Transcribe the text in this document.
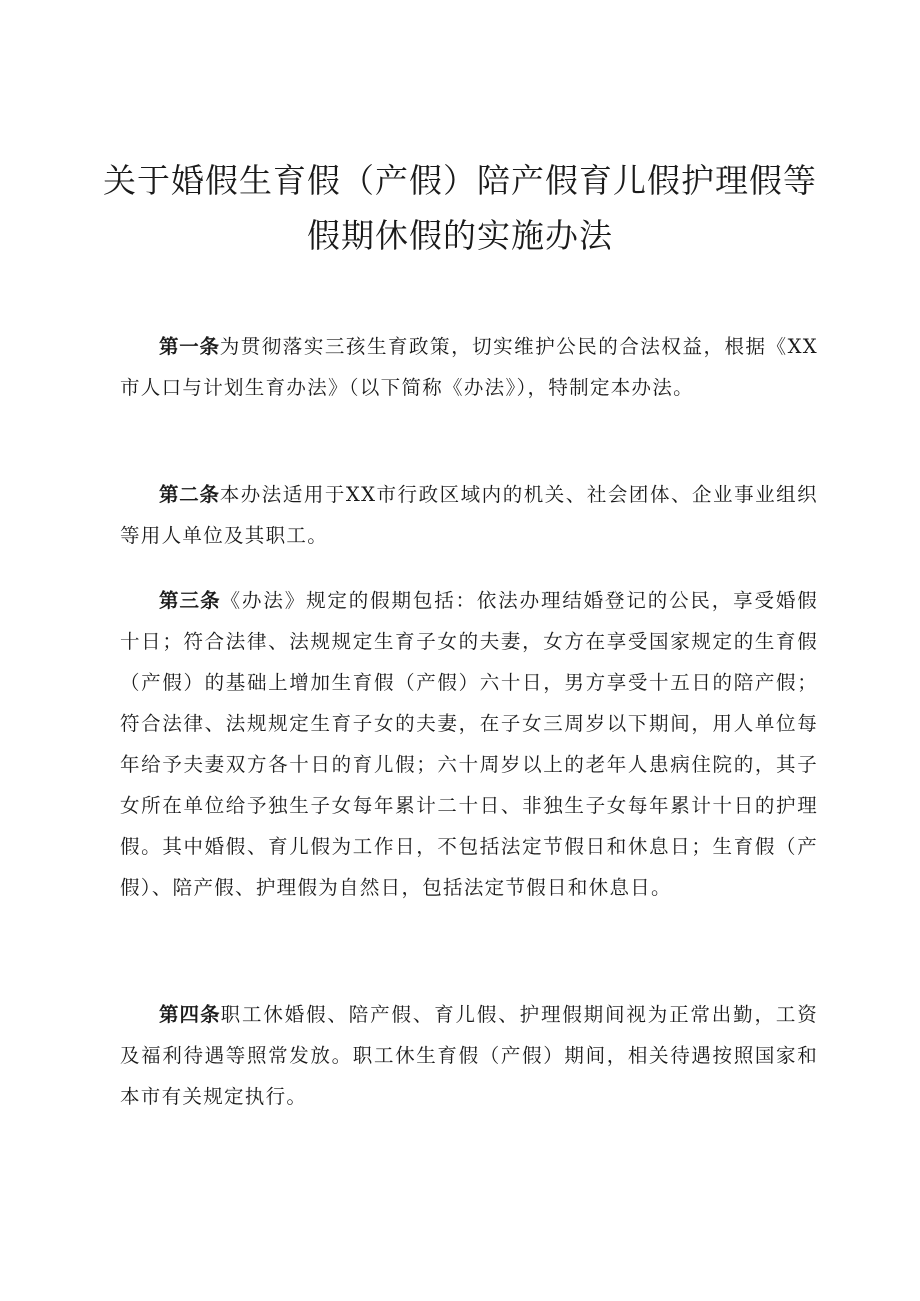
关于婚假生育假（产假）陪产假育儿假护理假等
假期休假的实施办法

第一条为贯彻落实三孩生育政策，切实维护公民的合法权益，根据《XX市人口与计划生育办法》（以下简称《办法》），特制定本办法。

第二条本办法适用于XX市行政区域内的机关、社会团体、企业事业组织等用人单位及其职工。

第三条《办法》规定的假期包括：依法办理结婚登记的公民，享受婚假十日；符合法律、法规规定生育子女的夫妻，女方在享受国家规定的生育假（产假）的基础上增加生育假（产假）六十日，男方享受十五日的陪产假；符合法律、法规规定生育子女的夫妻，在子女三周岁以下期间，用人单位每年给予夫妻双方各十日的育儿假；六十周岁以上的老年人患病住院的，其子女所在单位给予独生子女每年累计二十日、非独生子女每年累计十日的护理假。其中婚假、育儿假为工作日，不包括法定节假日和休息日；生育假（产假）、陪产假、护理假为自然日，包括法定节假日和休息日。

第四条职工休婚假、陪产假、育儿假、护理假期间视为正常出勤，工资及福利待遇等照常发放。职工休生育假（产假）期间，相关待遇按照国家和本市有关规定执行。
